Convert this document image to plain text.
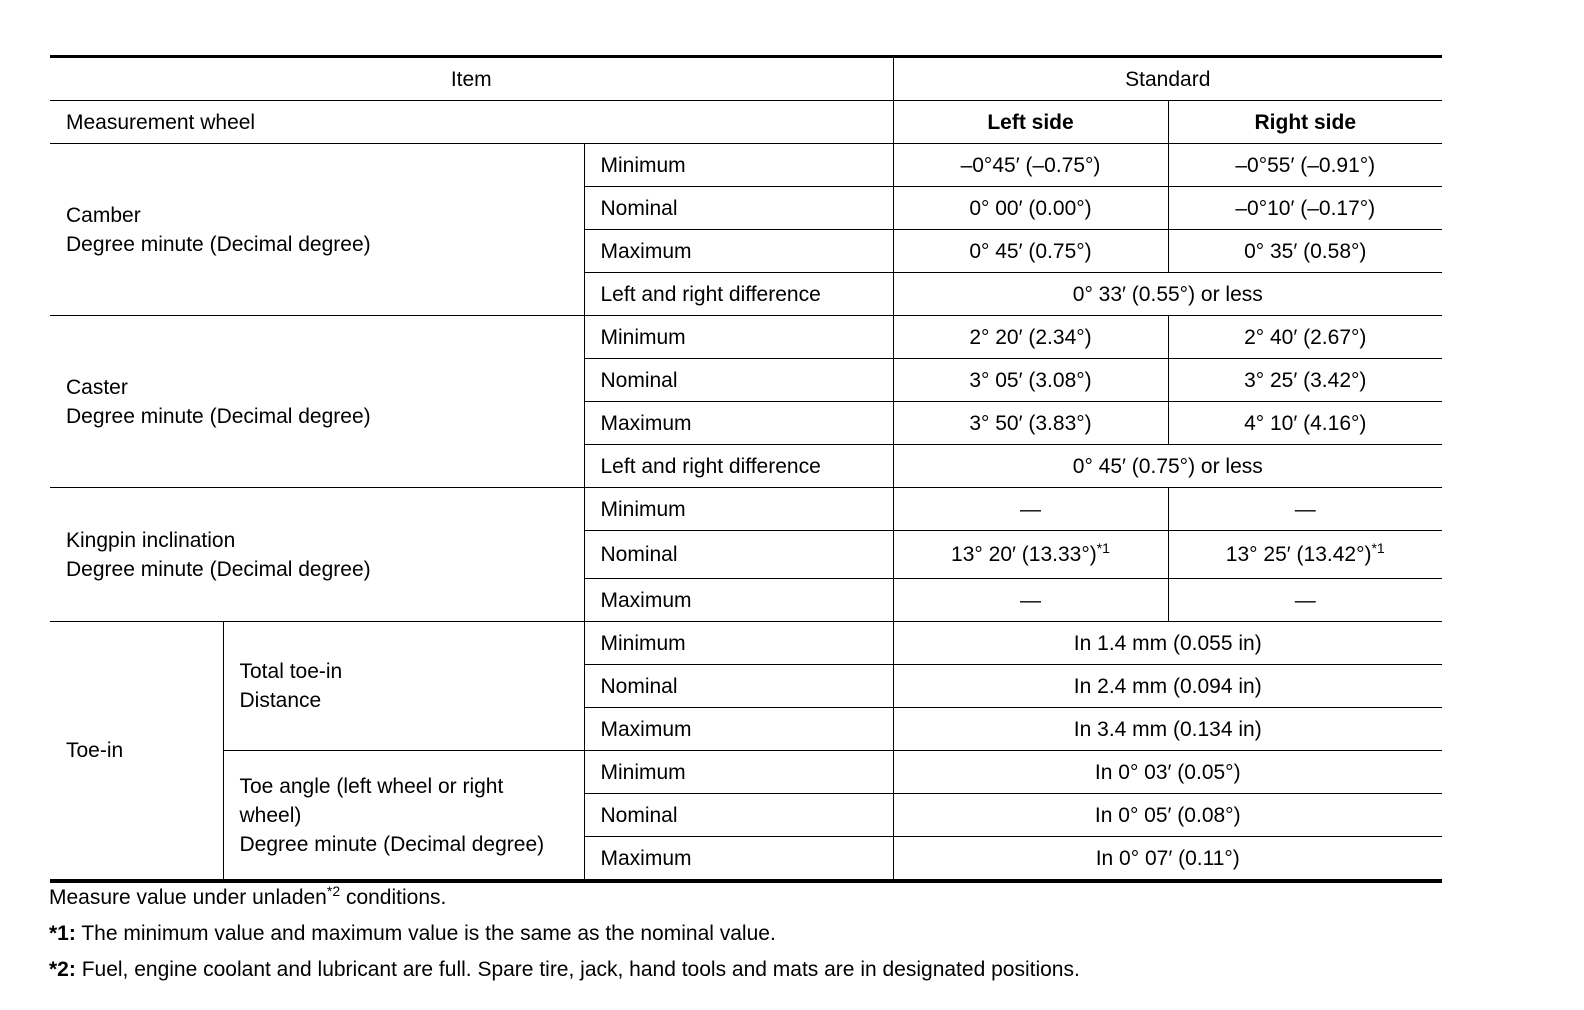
Item			Standard	
Measurement wheel			Left side	Right side
Camber
Degree minute (Decimal degree)		Minimum	–0°45′ (–0.75°)	–0°55′ (–0.91°)
		Nominal	0° 00′ (0.00°)	–0°10′ (–0.17°)
		Maximum	0° 45′ (0.75°)	0° 35′ (0.58°)
		Left and right difference	0° 33′ (0.55°) or less	
Caster
Degree minute (Decimal degree)		Minimum	2° 20′ (2.34°)	2° 40′ (2.67°)
		Nominal	3° 05′ (3.08°)	3° 25′ (3.42°)
		Maximum	3° 50′ (3.83°)	4° 10′ (4.16°)
		Left and right difference	0° 45′ (0.75°) or less	
Kingpin inclination
Degree minute (Decimal degree)		Minimum	—	—
		Nominal	13° 20′ $(13.33^\circ)^{*1}$	13° 25′ $(13.42^\circ)^{*1}$
		Maximum	—	—
Toe-in	Total toe-in
Distance	Minimum	In 1.4 mm (0.055 in)	
		Nominal	In 2.4 mm (0.094 in)	
		Maximum	In 3.4 mm (0.134 in)	
	Toe angle (left wheel or right
wheel)
Degree minute (Decimal degree)	Minimum	In 0° 03′ (0.05°)	
		Nominal	In 0° 05′ (0.08°)	
		Maximum	In 0° 07′ (0.11°)	

Measure value under unladen$^{*2}$ conditions.

*1: The minimum value and maximum value is the same as the nominal value.

*2: Fuel, engine coolant and lubricant are full. Spare tire, jack, hand tools and mats are in designated positions.
